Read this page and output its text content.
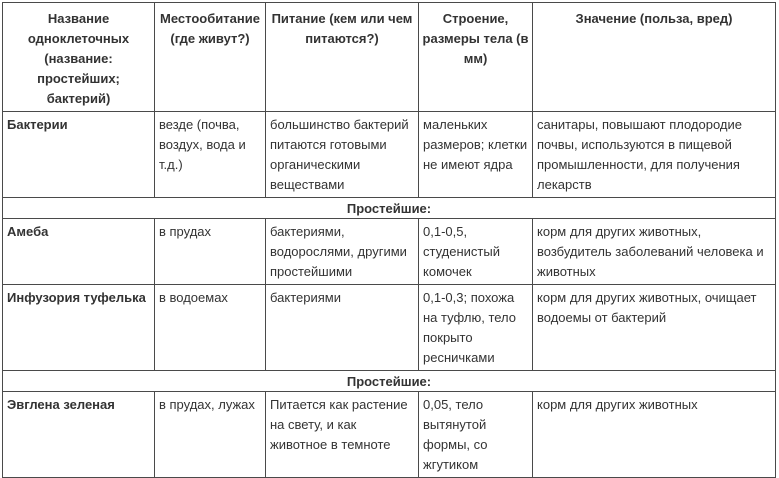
Название одноклеточных (название: простейших; бактерий)	Местообитание (где живут?)	Питание (кем или чем питаются?)	Строение, размеры тела (в мм)	Значение (польза, вред)
Бактерии	везде (почва, воздух, вода и т.д.)	большинство бактерий питаются готовыми органическими веществами	маленьких размеров; клетки не имеют ядра	санитары, повышают плодородие почвы, используются в пищевой промышленности, для получения лекарств
Простейшие:				
Амеба	в прудах	бактериями, водорослями, другими простейшими	0,1-0,5, студенистый комочек	корм для других животных, возбудитель заболеваний человека и животных
Инфузория туфелька	в водоемах	бактериями	0,1-0,3; похожа на туфлю, тело покрыто ресничками	корм для других животных, очищает водоемы от бактерий
Простейшие:				
Эвглена зеленая	в прудах, лужах	Питается как растение на свету, и как животное в темноте	0,05, тело вытянутой формы, со жгутиком	корм для других животных
